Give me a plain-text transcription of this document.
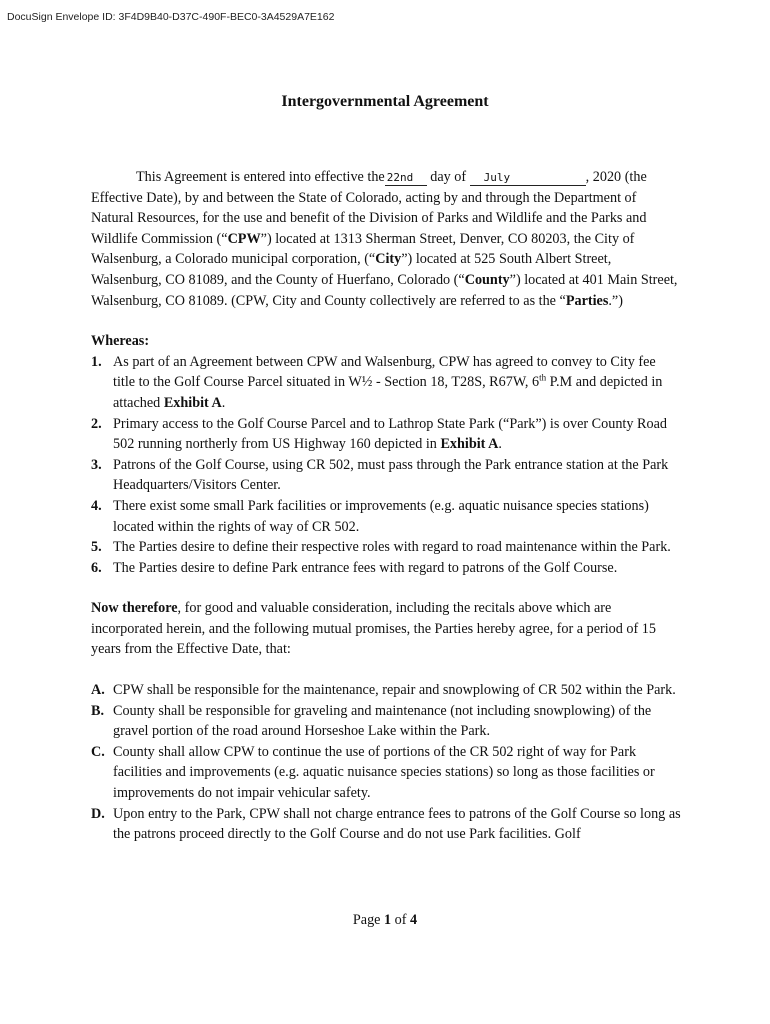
DocuSign Envelope ID: 3F4D9B40-D37C-490F-BEC0-3A4529A7E162
Intergovernmental Agreement

This Agreement is entered into effective the 22nd day of July	, 2020 (the Effective Date), by and between the State of Colorado, acting by and through the Department of Natural Resources, for the use and benefit of the Division of Parks and Wildlife and the Parks and Wildlife Commission (“CPW”) located at 1313 Sherman Street, Denver, CO 80203, the City of Walsenburg, a Colorado municipal corporation, (“City”) located at 525 South Albert Street, Walsenburg, CO 81089, and the County of Huerfano, Colorado (“County”) located at 401 Main Street, Walsenburg, CO 81089. (CPW, City and County collectively are referred to as the “Parties.”)

Whereas:

1. As part of an Agreement between CPW and Walsenburg, CPW has agreed to convey to City fee title to the Golf Course Parcel situated in W½ - Section 18, T28S, R67W, 6th P.M and depicted in attached Exhibit A.
2. Primary access to the Golf Course Parcel and to Lathrop State Park (“Park”) is over County Road 502 running northerly from US Highway 160 depicted in Exhibit A.
3. Patrons of the Golf Course, using CR 502, must pass through the Park entrance station at the Park Headquarters/Visitors Center.
4. There exist some small Park facilities or improvements (e.g. aquatic nuisance species stations) located within the rights of way of CR 502.
5. The Parties desire to define their respective roles with regard to road maintenance within the Park.
6. The Parties desire to define Park entrance fees with regard to patrons of the Golf Course.

Now therefore, for good and valuable consideration, including the recitals above which are incorporated herein, and the following mutual promises, the Parties hereby agree, for a period of 15 years from the Effective Date, that:

A. CPW shall be responsible for the maintenance, repair and snowplowing of CR 502 within the Park.
B. County shall be responsible for graveling and maintenance (not including snowplowing) of the gravel portion of the road around Horseshoe Lake within the Park.
C. County shall allow CPW to continue the use of portions of the CR 502 right of way for Park facilities and improvements (e.g. aquatic nuisance species stations) so long as those facilities or improvements do not impair vehicular safety.
D. Upon entry to the Park, CPW shall not charge entrance fees to patrons of the Golf Course so long as the patrons proceed directly to the Golf Course and do not use Park facilities. Golf
Page 1 of 4
